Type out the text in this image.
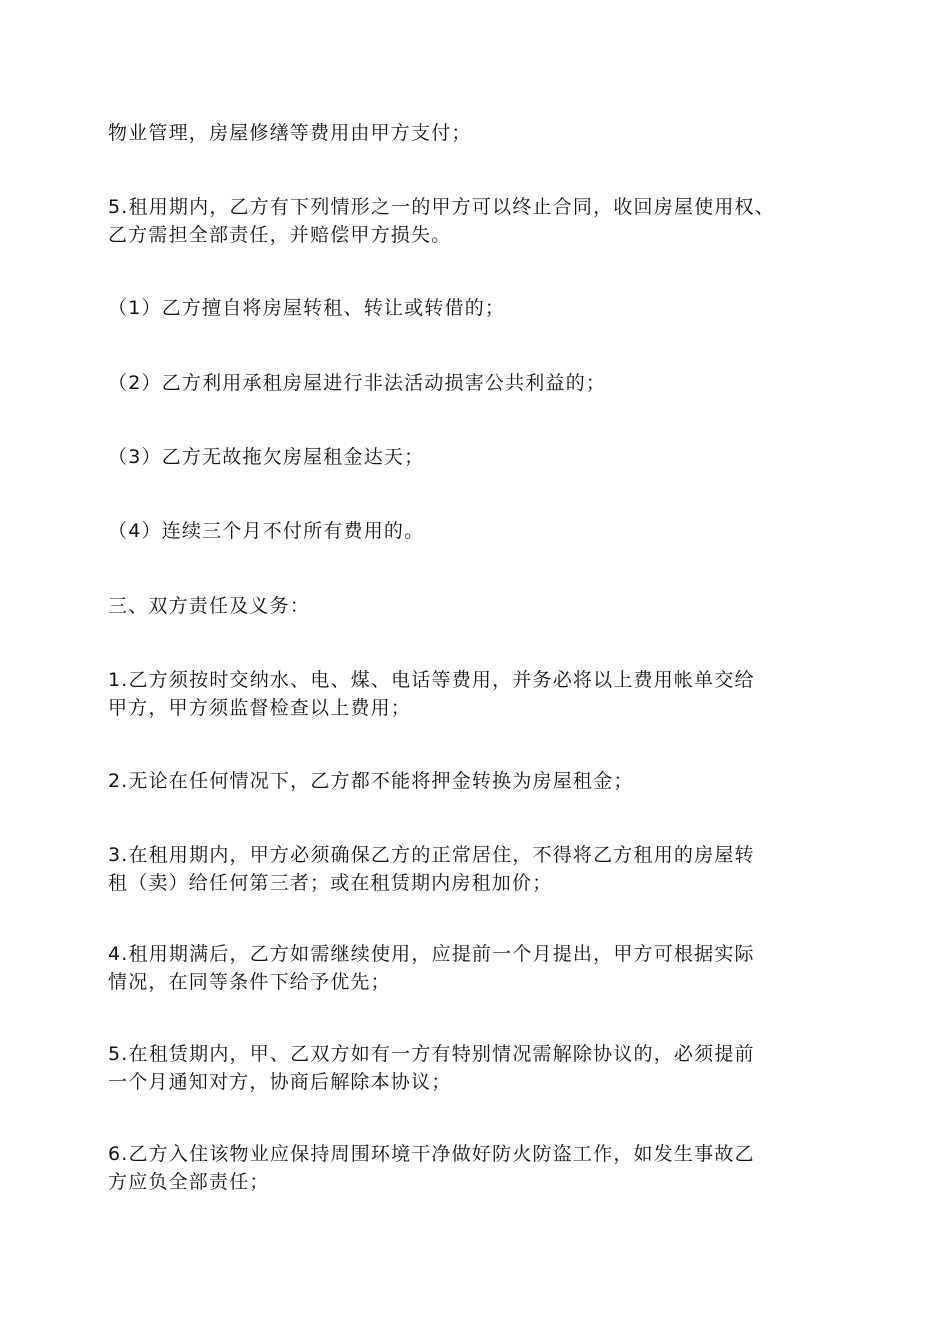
物业管理，房屋修缮等费用由甲方支付；
5.租用期内，乙方有下列情形之一的甲方可以终止合同，收回房屋使用权、
乙方需担全部责任，并赔偿甲方损失。
（1）乙方擅自将房屋转租、转让或转借的；
（2）乙方利用承租房屋进行非法活动损害公共利益的；
（3）乙方无故拖欠房屋租金达天；
（4）连续三个月不付所有费用的。
三、双方责任及义务：
1.乙方须按时交纳水、电、煤、电话等费用，并务必将以上费用帐单交给
甲方，甲方须监督检查以上费用；
2.无论在任何情况下，乙方都不能将押金转换为房屋租金；
3.在租用期内，甲方必须确保乙方的正常居住，不得将乙方租用的房屋转
租（卖）给任何第三者；或在租赁期内房租加价；
4.租用期满后，乙方如需继续使用，应提前一个月提出，甲方可根据实际
情况，在同等条件下给予优先；
5.在租赁期内，甲、乙双方如有一方有特别情况需解除协议的，必须提前
一个月通知对方，协商后解除本协议；
6.乙方入住该物业应保持周围环境干净做好防火防盗工作，如发生事故乙
方应负全部责任；
